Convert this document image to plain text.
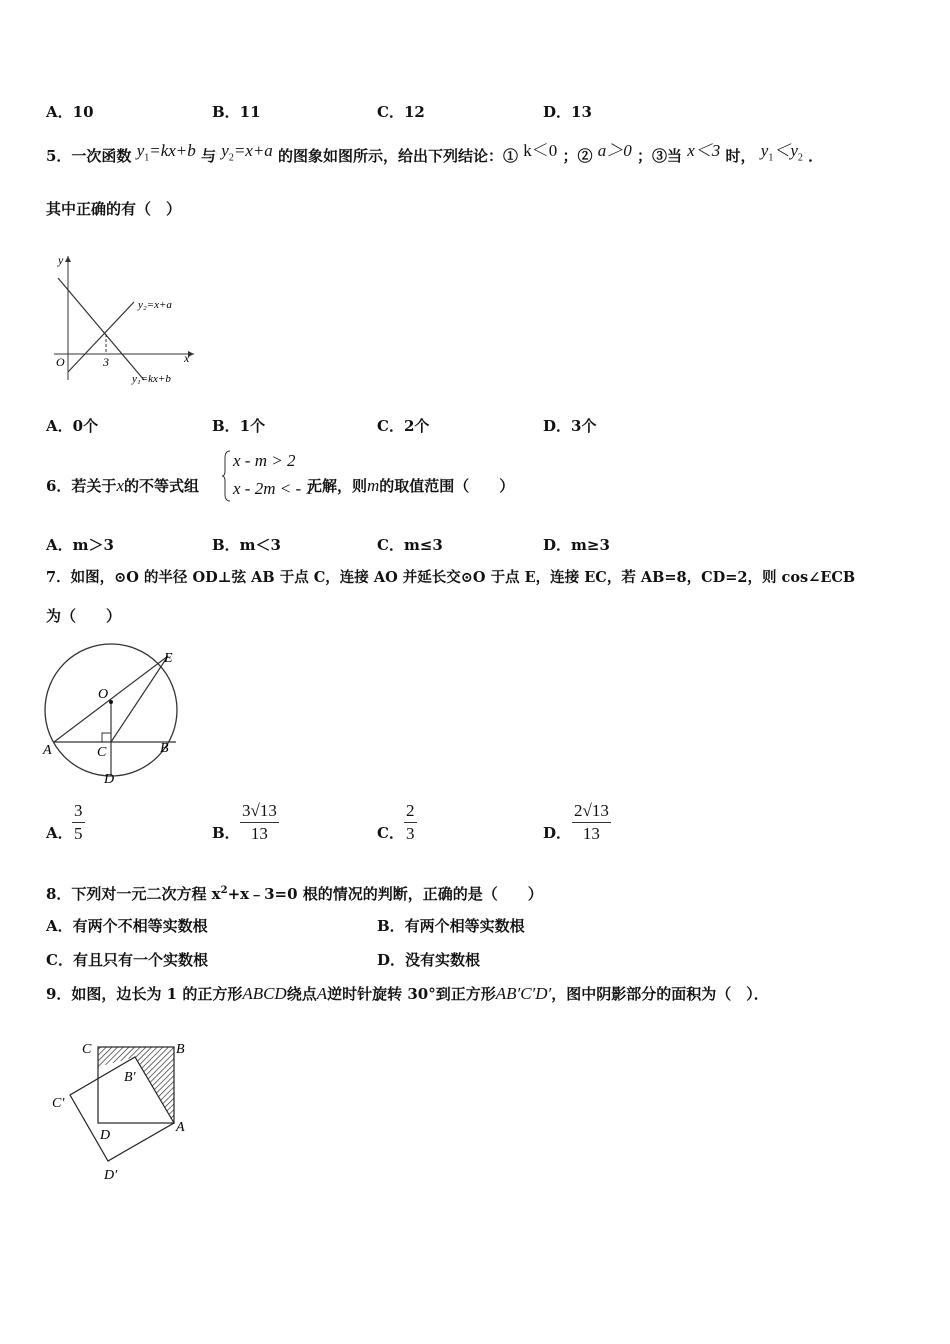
A．10	B．11	C．12	D．13
5．一次函数 $y_1=kx+b$ 与 $y_2=x+a$ 的图象如图所示，给出下列结论：① k＜0 ；② a＞0 ；③当 x＜3 时， $y_1<y_2$ ．
其中正确的有（　）
y
O	x
3
y₂=x+a
y₁=kx+b
A．0个	B．1个	C．2个	D．3个
6．若关于x的不等式组	无解，则m的取值范围（　　）
x - m > 2
x - 2m < - 1
A．m＞3	B．m＜3	C．m≤3	D．m≥3
7．如图，⊙O 的半径 OD⊥弦 AB 于点 C，连接 AO 并延长交⊙O 于点 E，连接 EC，若 AB=8，CD=2，则 cos∠ECB
为（　　）
E
O
A	C	B
D
A． $\frac{3}{5}$	B． $\frac{3√13}{13}$	C． $\frac{2}{3}$	D． $\frac{2√13}{13}$
8．下列对一元二次方程 $x^2+x﹣3=0$ 根的情况的判断，正确的是（　　）
A．有两个不相等实数根	B．有两个相等实数根
C．有且只有一个实数根	D．没有实数根
9．如图，边长为 1 的正方形ABCD绕点A逆时针旋转 30°到正方形AB′C′D′，图中阴影部分的面积为（　）．
C	B
B′
C′
D
A
D′
